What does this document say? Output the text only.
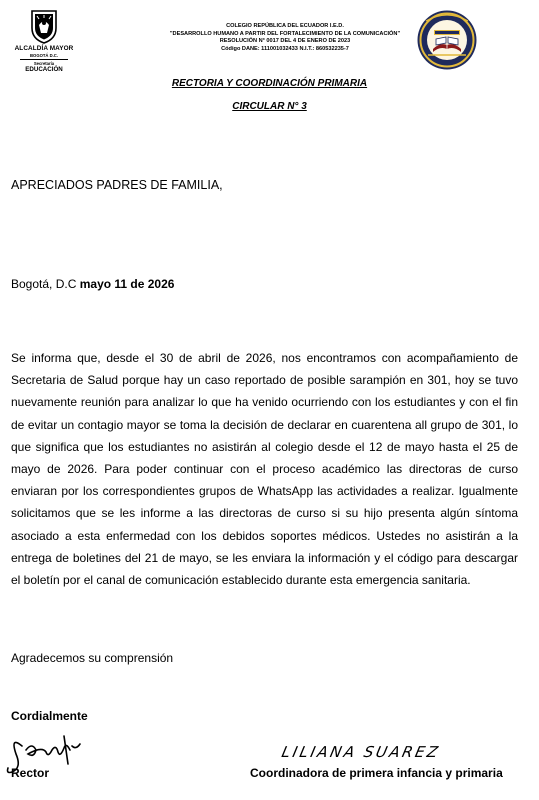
ALCALDÍA MAYOR
BOGOTÁ D.C.
Secretaría
EDUCACIÓN
COLEGIO REPÚBLICA DEL ECUADOR I.E.D.
"DESARROLLO HUMANO A PARTIR DEL FORTALECIMIENTO DE LA COMUNICACIÓN"
RESOLUCIÓN N° 0017 DEL 4 DE ENERO DE 2023
Código DANE: 111001032433 N.I.T.: 860532235-7
RECTORIA Y COORDINACIÓN PRIMARIA
CIRCULAR N° 3
APRECIADOS PADRES DE FAMILIA,
Bogotá, D.C mayo 11 de 2026
Se informa que, desde el 30 de abril de 2026, nos encontramos con acompañamiento de Secretaria de Salud porque hay un caso reportado de posible sarampión en 301, hoy se tuvo nuevamente reunión para analizar lo que ha venido ocurriendo con los estudiantes y con el fin de evitar un contagio mayor se toma la decisión de declarar en cuarentena all grupo de 301, lo que significa que los estudiantes no asistirán al colegio desde el 12 de mayo hasta el 25 de mayo de 2026. Para poder continuar con el proceso académico las directoras de curso enviaran por los correspondientes grupos de WhatsApp las actividades a realizar. Igualmente solicitamos que se les informe a las directoras de curso si su hijo presenta algún síntoma asociado a esta enfermedad con los debidos soportes médicos. Ustedes no asistirán a la entrega de boletines del 21 de mayo, se les enviara la información y el código para descargar el boletín por el canal de comunicación establecido durante esta emergencia sanitaria.
Agradecemos su comprensión
Cordialmente
Rector
LILIANA SUAREZ
Coordinadora de primera infancia y primaria
